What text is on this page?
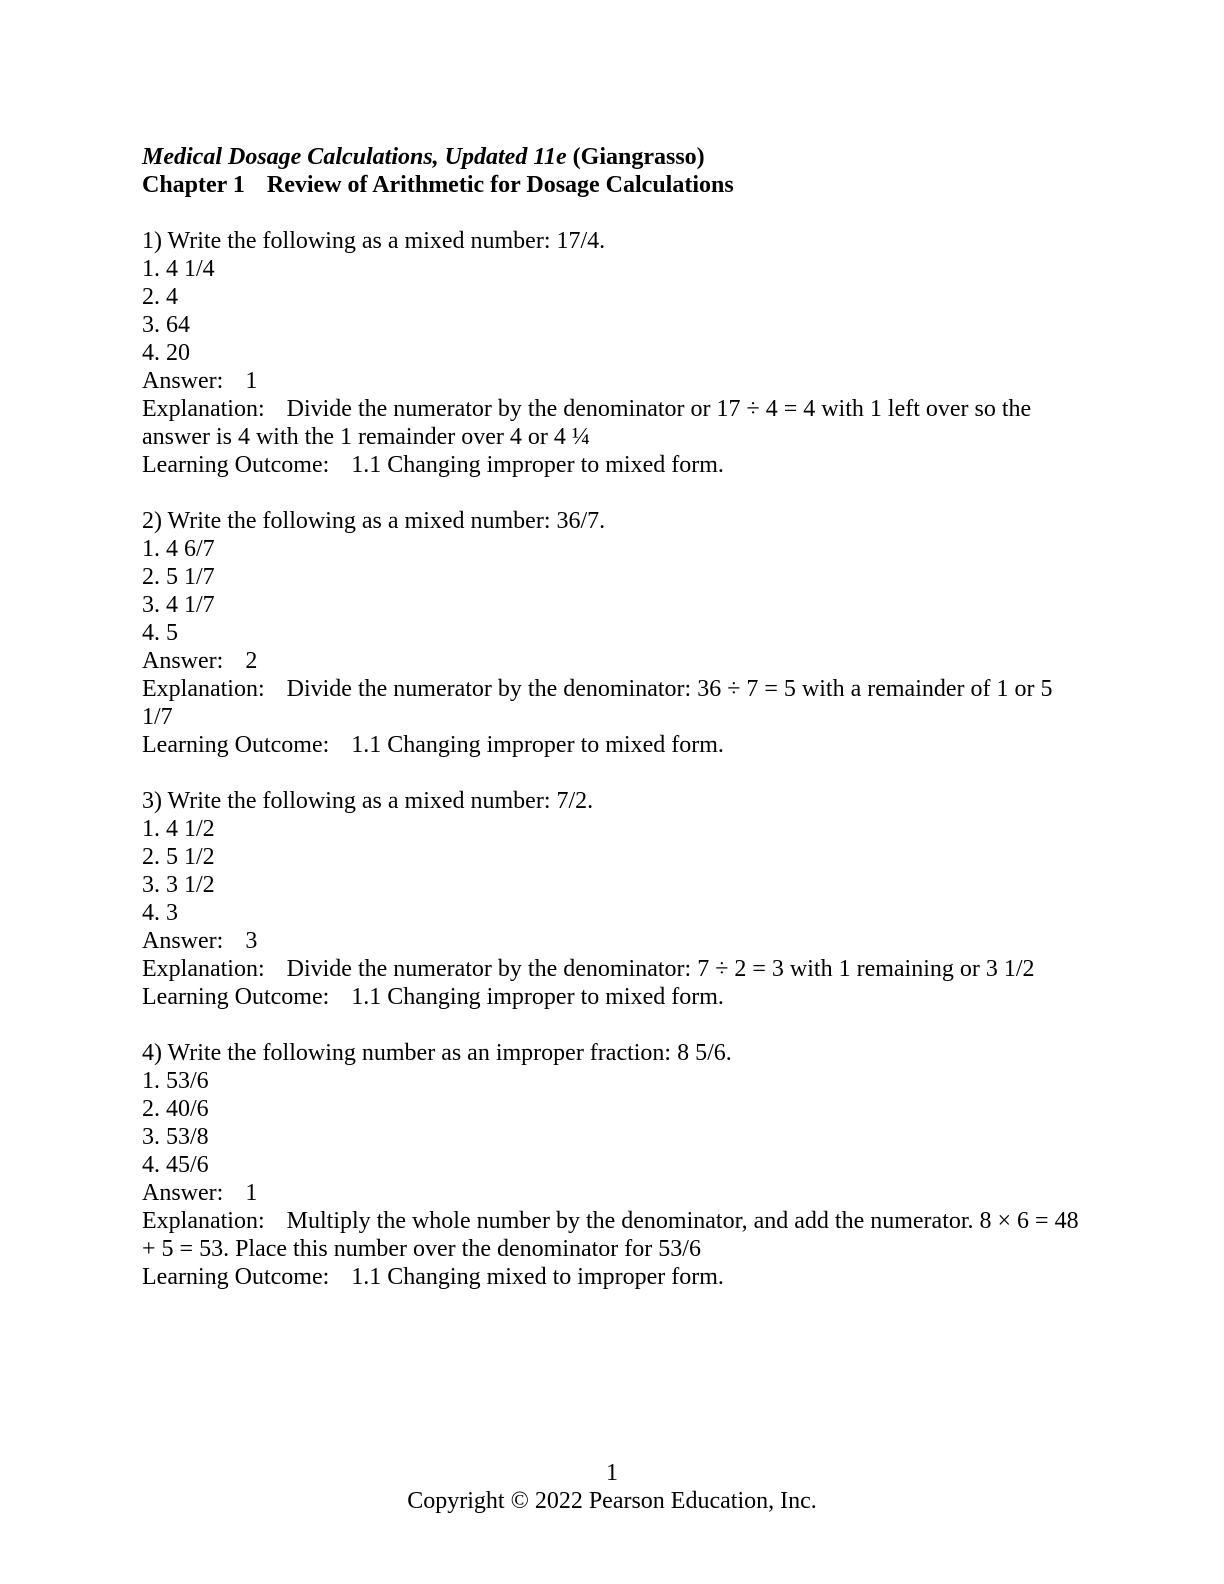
Medical Dosage Calculations, Updated 11e (Giangrasso)
Chapter 1 Review of Arithmetic for Dosage Calculations
1) Write the following as a mixed number: 17/4.
1. 4 1/4
2. 4
3. 64
4. 20
Answer: 1
Explanation: Divide the numerator by the denominator or 17 ÷ 4 = 4 with 1 left over so the answer is 4 with the 1 remainder over 4 or 4 ¼
Learning Outcome: 1.1 Changing improper to mixed form.
2) Write the following as a mixed number: 36/7.
1. 4 6/7
2. 5 1/7
3. 4 1/7
4. 5
Answer: 2
Explanation: Divide the numerator by the denominator: 36 ÷ 7 = 5 with a remainder of 1 or 5 1/7
Learning Outcome: 1.1 Changing improper to mixed form.
3) Write the following as a mixed number: 7/2.
1. 4 1/2
2. 5 1/2
3. 3 1/2
4. 3
Answer: 3
Explanation: Divide the numerator by the denominator: 7 ÷ 2 = 3 with 1 remaining or 3 1/2
Learning Outcome: 1.1 Changing improper to mixed form.
4) Write the following number as an improper fraction: 8 5/6.
1. 53/6
2. 40/6
3. 53/8
4. 45/6
Answer: 1
Explanation: Multiply the whole number by the denominator, and add the numerator. 8 × 6 = 48 + 5 = 53. Place this number over the denominator for 53/6
Learning Outcome: 1.1 Changing mixed to improper form.
1
Copyright © 2022 Pearson Education, Inc.
